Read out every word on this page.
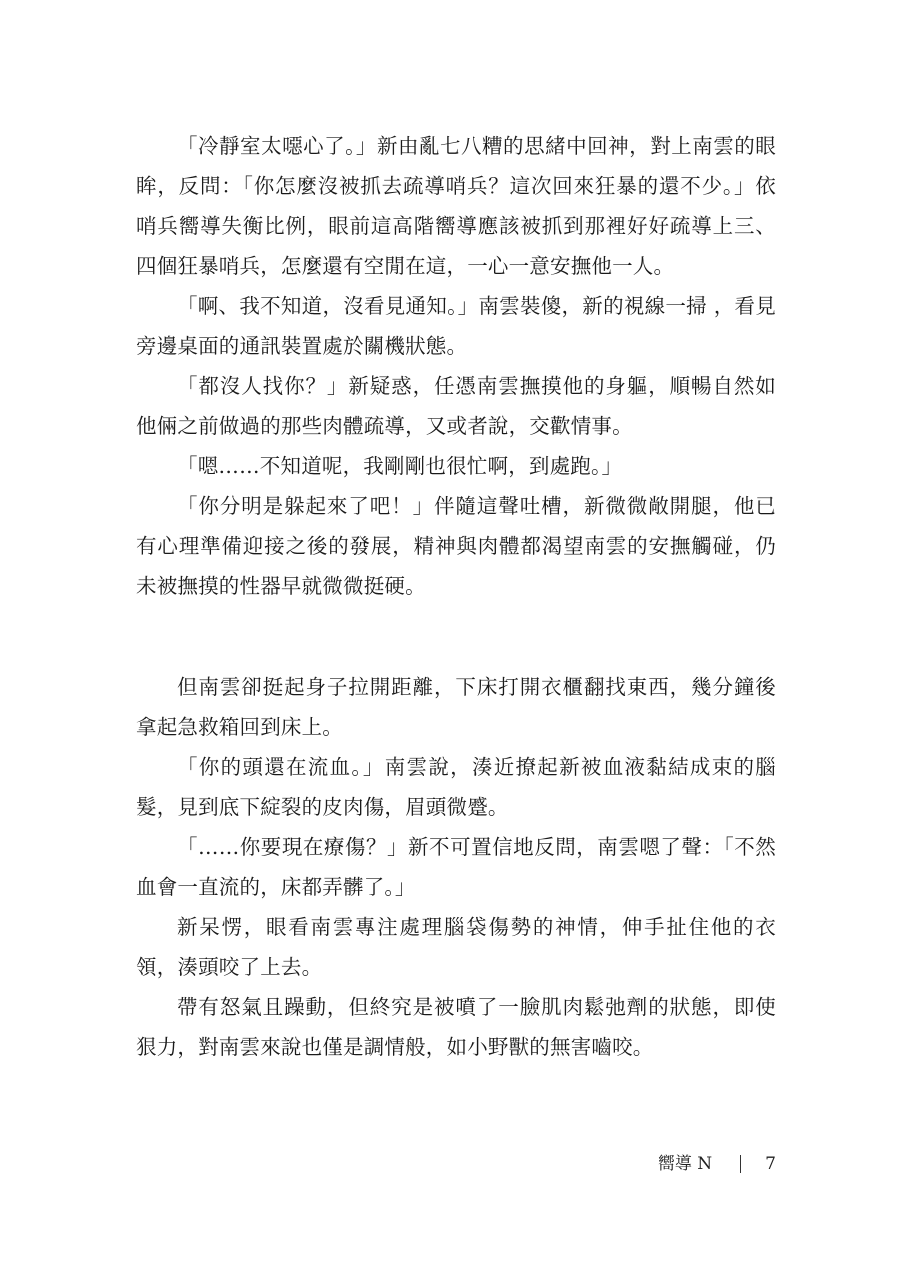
「冷靜室太噁心了。」新由亂七八糟的思緒中回神，對上南雲的眼眸，反問：「你怎麼沒被抓去疏導哨兵？這次回來狂暴的還不少。」依哨兵嚮導失衡比例，眼前這高階嚮導應該被抓到那裡好好疏導上三、四個狂暴哨兵，怎麼還有空閒在這，一心一意安撫他一人。

「啊、我不知道，沒看見通知。」南雲裝傻，新的視線一掃 ，看見旁邊桌面的通訊裝置處於關機狀態。

「都沒人找你？」新疑惑，任憑南雲撫摸他的身軀，順暢自然如他倆之前做過的那些肉體疏導，又或者說，交歡情事。

「嗯……不知道呢，我剛剛也很忙啊，到處跑。」

「你分明是躲起來了吧！」伴隨這聲吐槽，新微微敞開腿，他已有心理準備迎接之後的發展，精神與肉體都渴望南雲的安撫觸碰，仍未被撫摸的性器早就微微挺硬。

但南雲卻挺起身子拉開距離，下床打開衣櫃翻找東西，幾分鐘後拿起急救箱回到床上。

「你的頭還在流血。」南雲說，湊近撩起新被血液黏結成束的腦髮，見到底下綻裂的皮肉傷，眉頭微蹙。

「……你要現在療傷？」新不可置信地反問，南雲嗯了聲：「不然血會一直流的，床都弄髒了。」

新呆愣，眼看南雲專注處理腦袋傷勢的神情，伸手扯住他的衣領，湊頭咬了上去。

帶有怒氣且躁動，但終究是被噴了一臉肌肉鬆弛劑的狀態，即使狠力，對南雲來說也僅是調情般，如小野獸的無害嚙咬。

嚮導 N	7
